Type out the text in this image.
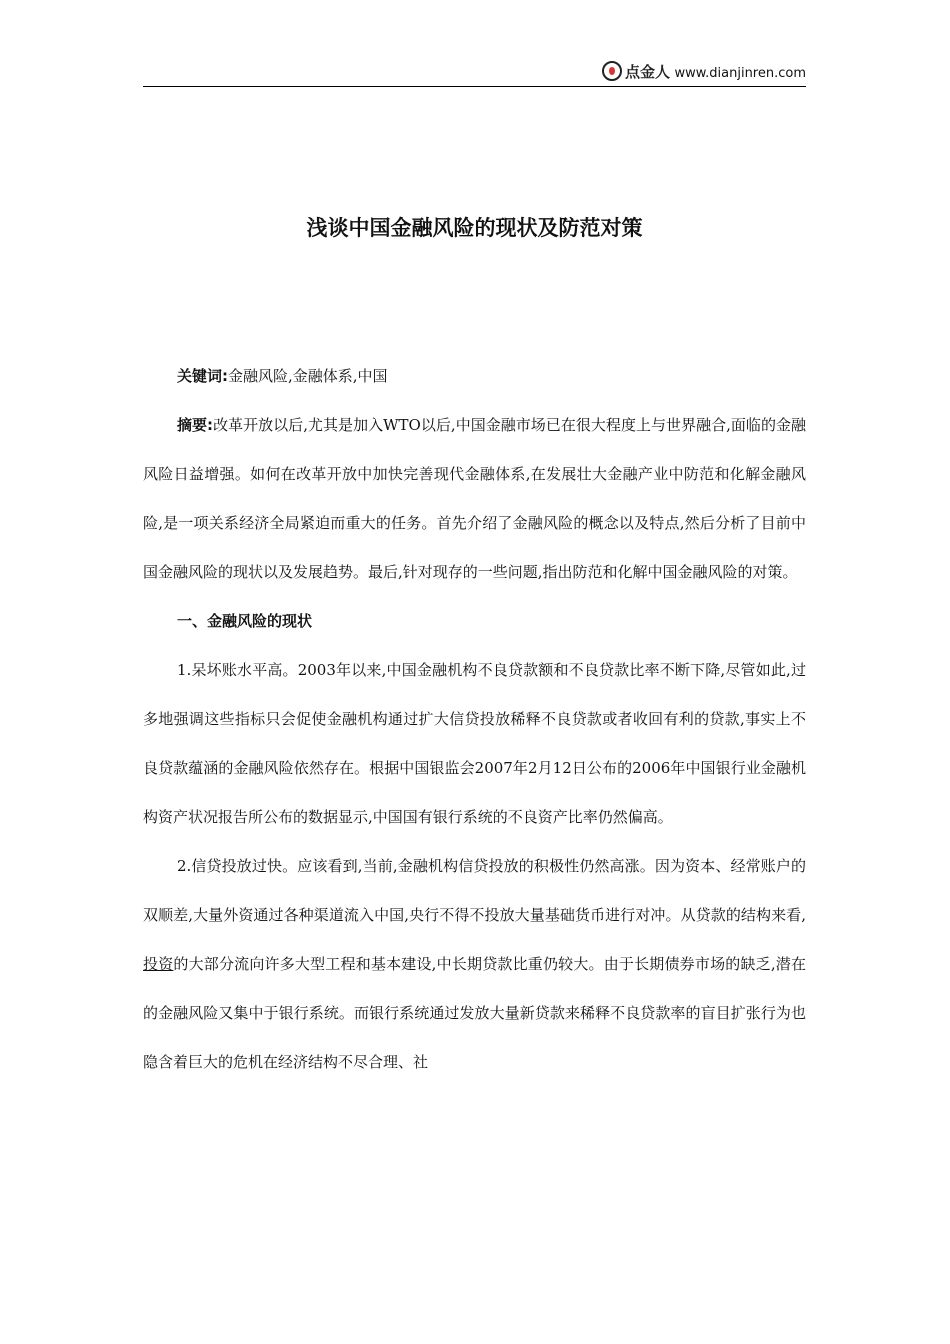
点金人 www.dianjinren.com
浅谈中国金融风险的现状及防范对策

关键词:金融风险,金融体系,中国

摘要:改革开放以后,尤其是加入WTO以后,中国金融市场已在很大程度上与世界融合,面临的金融风险日益增强。如何在改革开放中加快完善现代金融体系,在发展壮大金融产业中防范和化解金融风险,是一项关系经济全局紧迫而重大的任务。首先介绍了金融风险的概念以及特点,然后分析了目前中国金融风险的现状以及发展趋势。最后,针对现存的一些问题,指出防范和化解中国金融风险的对策。

一、金融风险的现状

1.呆坏账水平高。2003年以来,中国金融机构不良贷款额和不良贷款比率不断下降,尽管如此,过多地强调这些指标只会促使金融机构通过扩大信贷投放稀释不良贷款或者收回有利的贷款,事实上不良贷款蕴涵的金融风险依然存在。根据中国银监会2007年2月12日公布的2006年中国银行业金融机构资产状况报告所公布的数据显示,中国国有银行系统的不良资产比率仍然偏高。

2.信贷投放过快。应该看到,当前,金融机构信贷投放的积极性仍然高涨。因为资本、经常账户的双顺差,大量外资通过各种渠道流入中国,央行不得不投放大量基础货币进行对冲。从贷款的结构来看,投资的大部分流向许多大型工程和基本建设,中长期贷款比重仍较大。由于长期债券市场的缺乏,潜在的金融风险又集中于银行系统。而银行系统通过发放大量新贷款来稀释不良贷款率的盲目扩张行为也隐含着巨大的危机在经济结构不尽合理、社
